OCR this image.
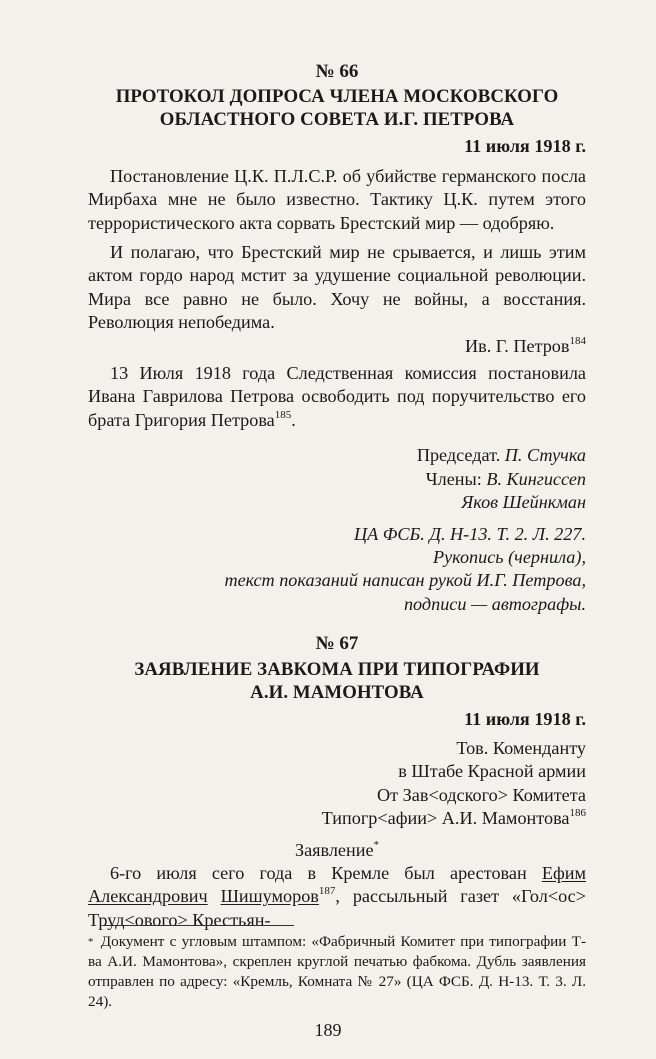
№ 66
ПРОТОКОЛ ДОПРОСА ЧЛЕНА МОСКОВСКОГО
ОБЛАСТНОГО СОВЕТА И.Г. ПЕТРОВА
11 июля 1918 г.

Постановление Ц.К. П.Л.С.Р. об убийстве германского посла Мирбаха мне не было известно. Тактику Ц.К. путем этого террористического акта сорвать Брестский мир — одобряю.

И полагаю, что Брестский мир не срывается, и лишь этим актом гордо народ мстит за удушение социальной революции. Мира все равно не было. Хочу не войны, а восстания. Революция непобедима.

Ив. Г. Петров$^{184}$

13 Июля 1918 года Следственная комиссия постановила Ивана Гаврилова Петрова освободить под поручительство его брата Григория Петрова$^{185}$.

Председат. П. Стучка

Члены: В. Кингиссеп

Яков Шейнкман

ЦА ФСБ. Д. Н-13. Т. 2. Л. 227.

Рукопись (чернила),

текст показаний написан рукой И.Г. Петрова,

подписи — автографы.

№ 67
ЗАЯВЛЕНИЕ ЗАВКОМА ПРИ ТИПОГРАФИИ
А.И. МАМОНТОВА
11 июля 1918 г.

Тов. Коменданту

в Штабе Красной армии

От Зав<одского> Комитета

Типогр<афии> А.И. Мамонтова$^{186}$

Заявление*

6-го июля сего года в Кремле был арестован Ефим Александрович Шишуморов$^{187}$, рассыльный газет «Гол<ос> Труд<ового> Крестьян-

* Документ с угловым штампом: «Фабричный Комитет при типографии Т-ва А.И. Мамонтова», скреплен круглой печатью фабкома. Дубль заявления отправлен по адресу: «Кремль, Комната № 27» (ЦА ФСБ. Д. Н-13. Т. 3. Л. 24).
189
